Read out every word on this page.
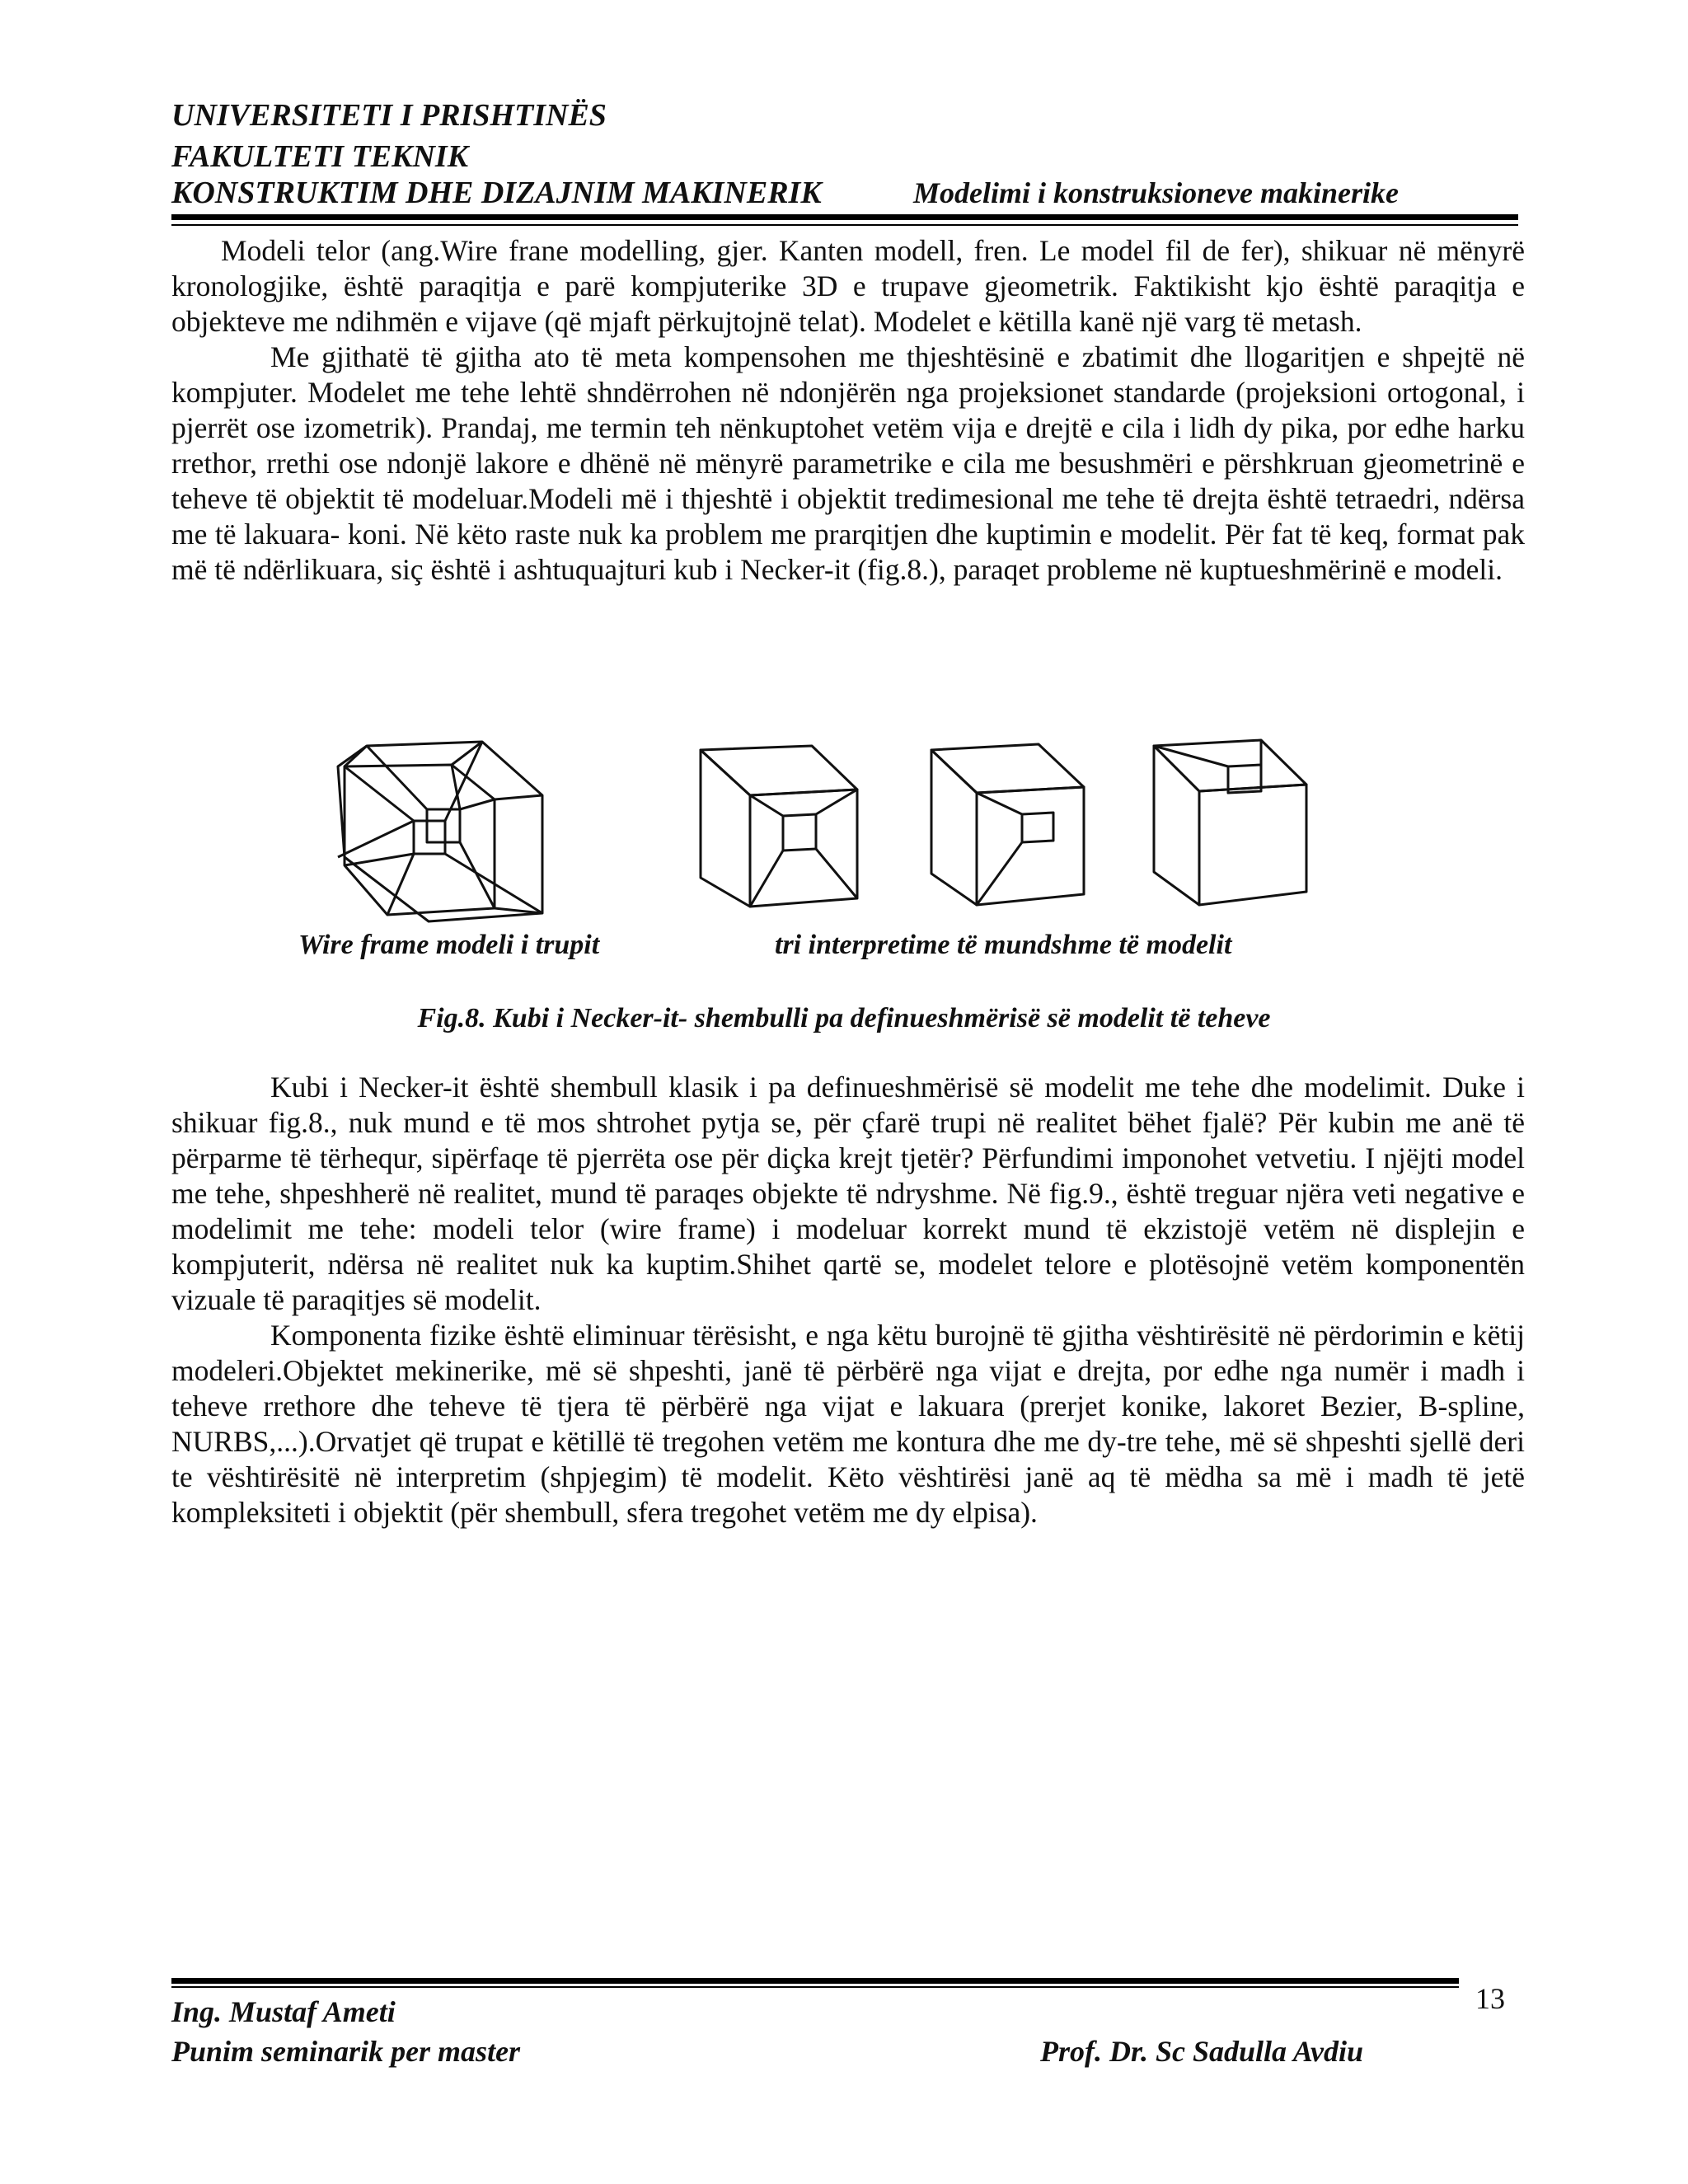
UNIVERSITETI I PRISHTINËS
FAKULTETI TEKNIK
KONSTRUKTIM DHE DIZAJNIM MAKINERIK	Modelimi i konstruksioneve makinerike

Modeli telor (ang.Wire frane modelling, gjer. Kanten modell, fren. Le model fil de fer), shikuar në mënyrë kronologjike, është paraqitja e parë kompjuterike 3D e trupave gjeometrik. Faktikisht kjo është paraqitja e objekteve me ndihmën e vijave (që mjaft përkujtojnë telat). Modelet e këtilla kanë një varg të metash.

Me gjithatë të gjitha ato të meta kompensohen me thjeshtësinë e zbatimit dhe llogaritjen e shpejtë në kompjuter. Modelet me tehe lehtë shndërrohen në ndonjërën nga projeksionet standarde (projeksioni ortogonal, i pjerrët ose izometrik). Prandaj, me termin teh nënkuptohet vetëm vija e drejtë e cila i lidh dy pika, por edhe harku rrethor, rrethi ose ndonjë lakore e dhënë në mënyrë parametrike e cila me besushmëri e përshkruan gjeometrinë e teheve të objektit të modeluar.Modeli më i thjeshtë i objektit tredimesional me tehe të drejta është tetraedri, ndërsa me të lakuara- koni. Në këto raste nuk ka problem me prarqitjen dhe kuptimin e modelit. Për fat të keq, format pak më të ndërlikuara, siç është i ashtuquajturi kub i Necker-it (fig.8.), paraqet probleme në kuptueshmërinë e modeli.

Wire frame modeli i trupit	tri interpretime të mundshme të modelit
Fig.8. Kubi i Necker-it- shembulli pa definueshmërisë së modelit të teheve

Kubi i Necker-it është shembull klasik i pa definueshmërisë së modelit me tehe dhe modelimit. Duke i shikuar fig.8., nuk mund e të mos shtrohet pytja se, për çfarë trupi në realitet bëhet fjalë? Për kubin me anë të përparme të tërhequr, sipërfaqe të pjerrëta ose për diçka krejt tjetër? Përfundimi imponohet vetvetiu. I njëjti model me tehe, shpeshherë në realitet, mund të paraqes objekte të ndryshme. Në fig.9., është treguar njëra veti negative e modelimit me tehe: modeli telor (wire frame) i modeluar korrekt mund të ekzistojë vetëm në displejin e kompjuterit, ndërsa në realitet nuk ka kuptim.Shihet qartë se, modelet telore e plotësojnë vetëm komponentën vizuale të paraqitjes së modelit.

Komponenta fizike është eliminuar tërësisht, e nga këtu burojnë të gjitha vështirësitë në përdorimin e këtij modeleri.Objektet mekinerike, më së shpeshti, janë të përbërë nga vijat e drejta, por edhe nga numër i madh i teheve rrethore dhe teheve të tjera të përbërë nga vijat e lakuara (prerjet konike, lakoret Bezier, B-spline, NURBS,...).Orvatjet që trupat e këtillë të tregohen vetëm me kontura dhe me dy-tre tehe, më së shpeshti sjellë deri te vështirësitë në interpretim (shpjegim) të modelit. Këto vështirësi janë aq të mëdha sa më i madh të jetë kompleksiteti i objektit (për shembull, sfera tregohet vetëm me dy elpisa).

13
Ing. Mustaf Ameti
Punim seminarik per master	Prof. Dr. Sc Sadulla Avdiu
